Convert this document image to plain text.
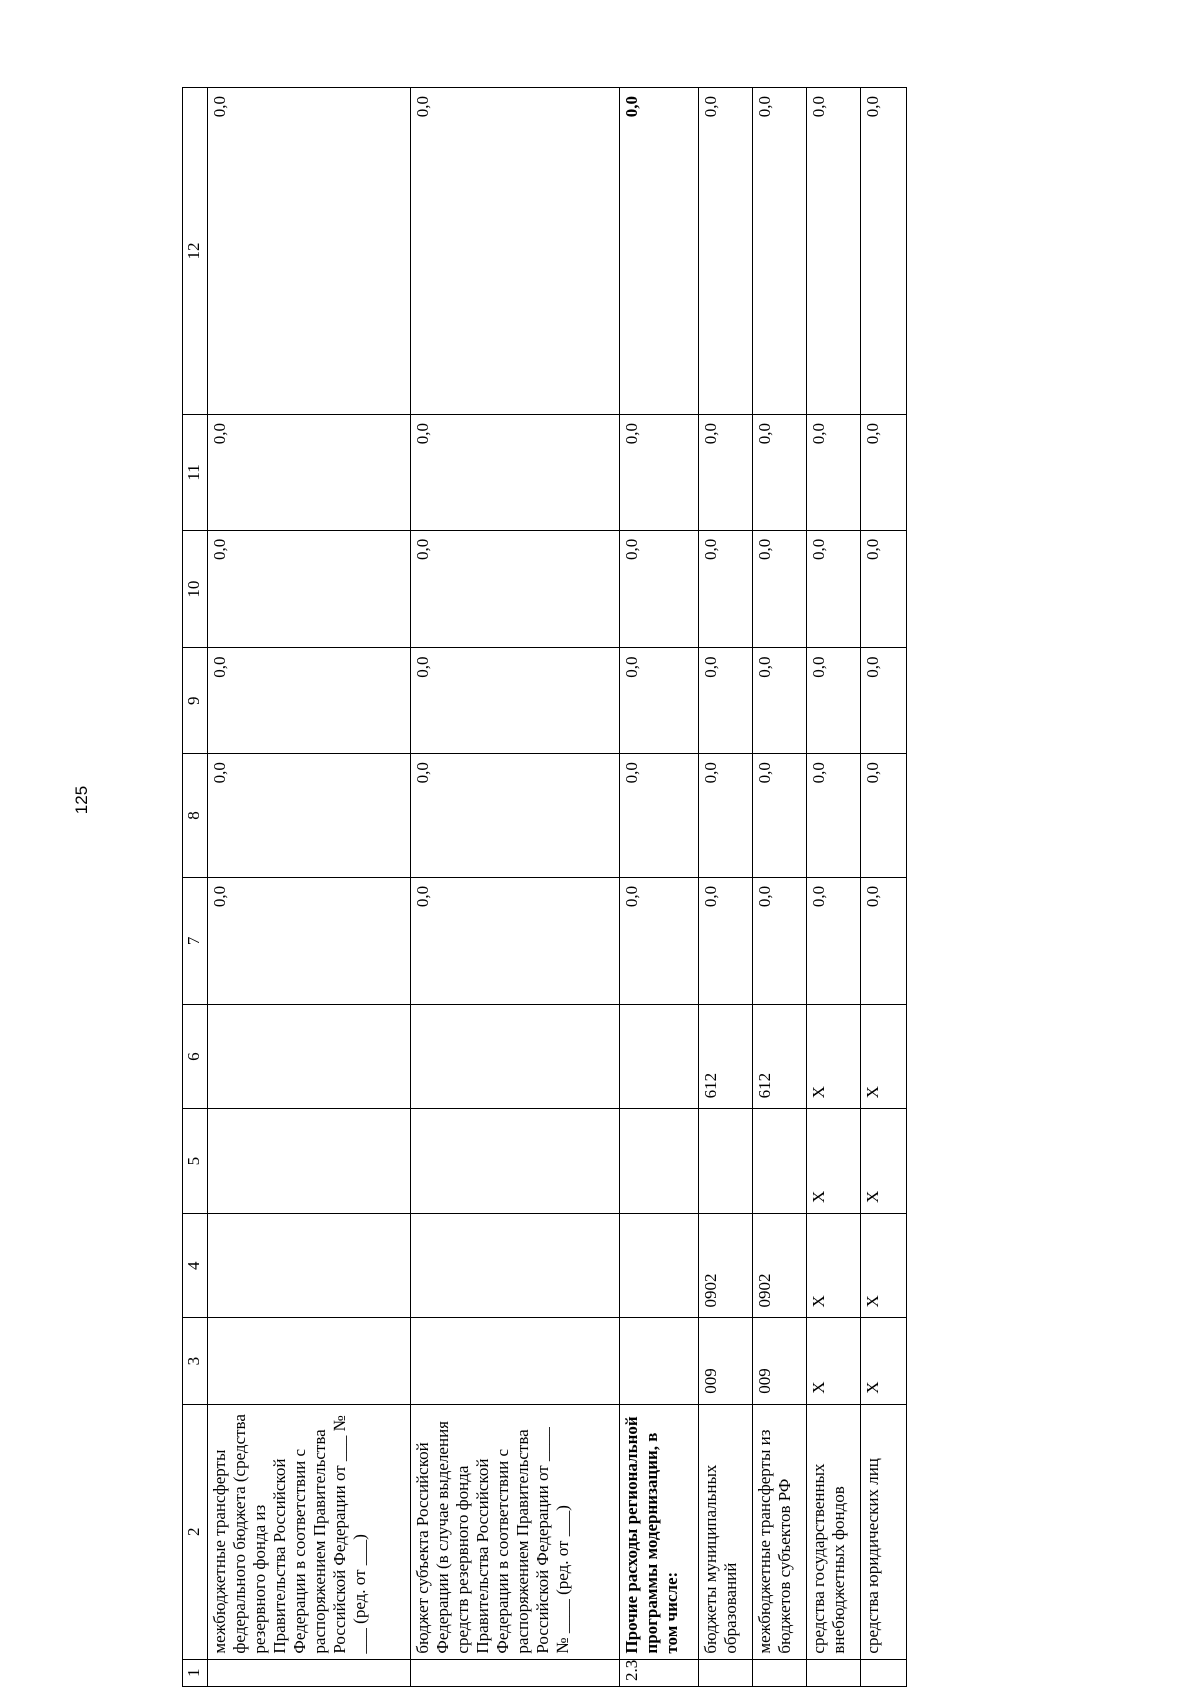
125
1	2	3	4	5	6	7	8	9	10	11	12
	межбюджетные трансферты федерального бюджета (средства резервного фонда из Правительства Российской Федерации в соответствии с распоряжением Правительства Российской Федерации от ___ № ___ (ред. от ___)					0,0	0,0	0,0	0,0	0,0	0,0
	бюджет субъекта Российской Федерации (в случае выделения средств резервного фонда Правительства Российской Федерации в соответствии с распоряжением Правительства Российской Федерации от ____ № ____ (ред. от ___)					0,0	0,0	0,0	0,0	0,0	0,0
2.3	Прочие расходы региональной программы модернизации, в том числе:					0,0	0,0	0,0	0,0	0,0	0,0
	бюджеты муниципальных образований	009	0902		612	0,0	0,0	0,0	0,0	0,0	0,0
	межбюджетные трансферты из бюджетов субъектов РФ	009	0902		612	0,0	0,0	0,0	0,0	0,0	0,0
	средства государственных внебюджетных фондов	Х	Х	Х	Х	0,0	0,0	0,0	0,0	0,0	0,0
	средства юридических лиц	Х	Х	Х	Х	0,0	0,0	0,0	0,0	0,0	0,0
